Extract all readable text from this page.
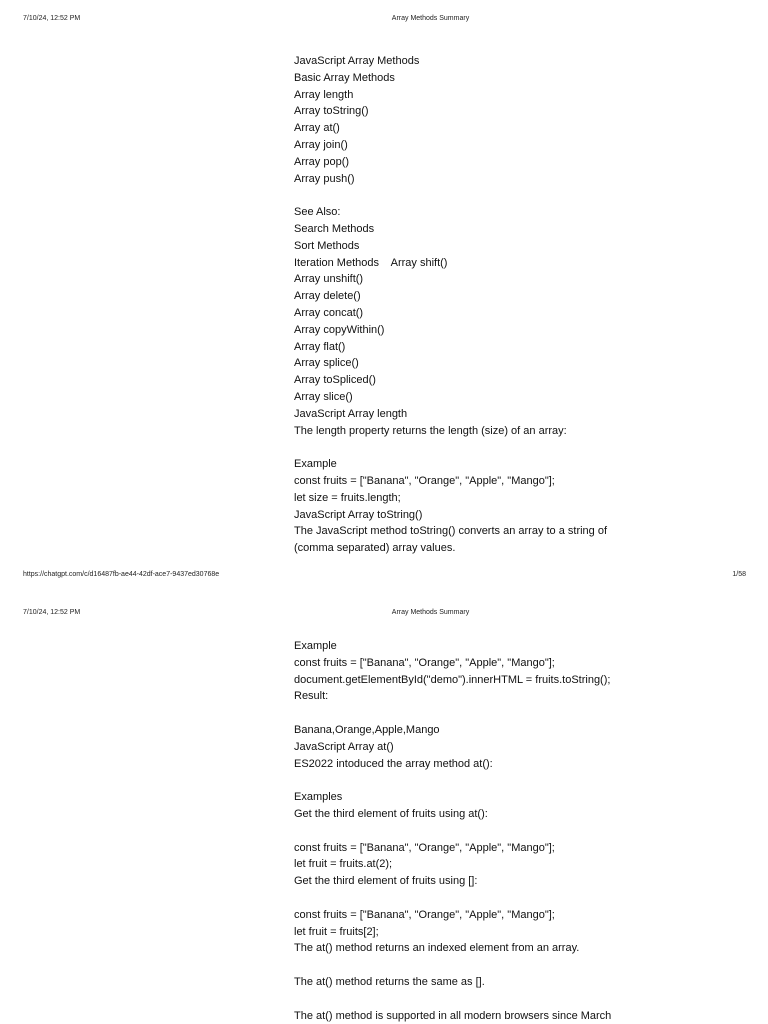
7/10/24, 12:52 PM	Array Methods Summary
JavaScript Array Methods
Basic Array Methods
Array length
Array toString()
Array at()
Array join()
Array pop()
Array push()
See Also:
Search Methods
Sort Methods
Iteration Methods    Array shift()
Array unshift()
Array delete()
Array concat()
Array copyWithin()
Array flat()
Array splice()
Array toSpliced()
Array slice()
JavaScript Array length
The length property returns the length (size) of an array:
Example
const fruits = ["Banana", "Orange", "Apple", "Mango"];
let size = fruits.length;
JavaScript Array toString()
The JavaScript method toString() converts an array to a string of
(comma separated) array values.
https://chatgpt.com/c/d16487fb-ae44-42df-ace7-9437ed30768e	1/58
7/10/24, 12:52 PM	Array Methods Summary
Example
const fruits = ["Banana", "Orange", "Apple", "Mango"];
document.getElementById("demo").innerHTML = fruits.toString();
Result:
Banana,Orange,Apple,Mango
JavaScript Array at()
ES2022 intoduced the array method at():
Examples
Get the third element of fruits using at():
const fruits = ["Banana", "Orange", "Apple", "Mango"];
let fruit = fruits.at(2);
Get the third element of fruits using []:
const fruits = ["Banana", "Orange", "Apple", "Mango"];
let fruit = fruits[2];
The at() method returns an indexed element from an array.
The at() method returns the same as [].
The at() method is supported in all modern browsers since March
